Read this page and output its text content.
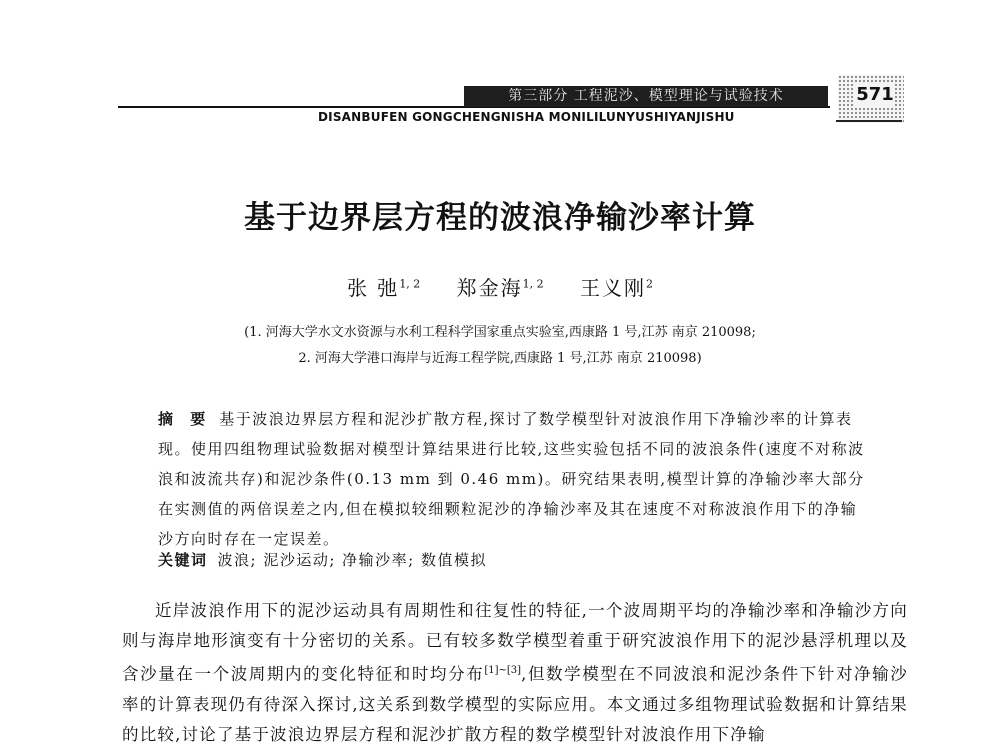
第三部分 工程泥沙、模型理论与试验技术
DISANBUFEN GONGCHENGNISHA MONILILUNYUSHIYANJISHU
571
基于边界层方程的波浪净输沙率计算
张 弛$^{1, 2}$ 郑金海$^{1, 2}$ 王义刚$^2$
(1. 河海大学水文水资源与水利工程科学国家重点实验室,西康路 1 号,江苏 南京 210098;
2. 河海大学港口海岸与近海工程学院,西康路 1 号,江苏 南京 210098)
摘 要 基于波浪边界层方程和泥沙扩散方程,探讨了数学模型针对波浪作用下净输沙率的计算表现。使用四组物理试验数据对模型计算结果进行比较,这些实验包括不同的波浪条件(速度不对称波浪和波流共存)和泥沙条件(0.13 mm 到 0.46 mm)。研究结果表明,模型计算的净输沙率大部分在实测值的两倍误差之内,但在模拟较细颗粒泥沙的净输沙率及其在速度不对称波浪作用下的净输沙方向时存在一定误差。
关键词 波浪; 泥沙运动; 净输沙率; 数值模拟

近岸波浪作用下的泥沙运动具有周期性和往复性的特征,一个波周期平均的净输沙率和净输沙方向则与海岸地形演变有十分密切的关系。已有较多数学模型着重于研究波浪作用下的泥沙悬浮机理以及含沙量在一个波周期内的变化特征和时均分布[1]~[3],但数学模型在不同波浪和泥沙条件下针对净输沙率的计算表现仍有待深入探讨,这关系到数学模型的实际应用。本文通过多组物理试验数据和计算结果的比较,讨论了基于波浪边界层方程和泥沙扩散方程的数学模型针对波浪作用下净输
